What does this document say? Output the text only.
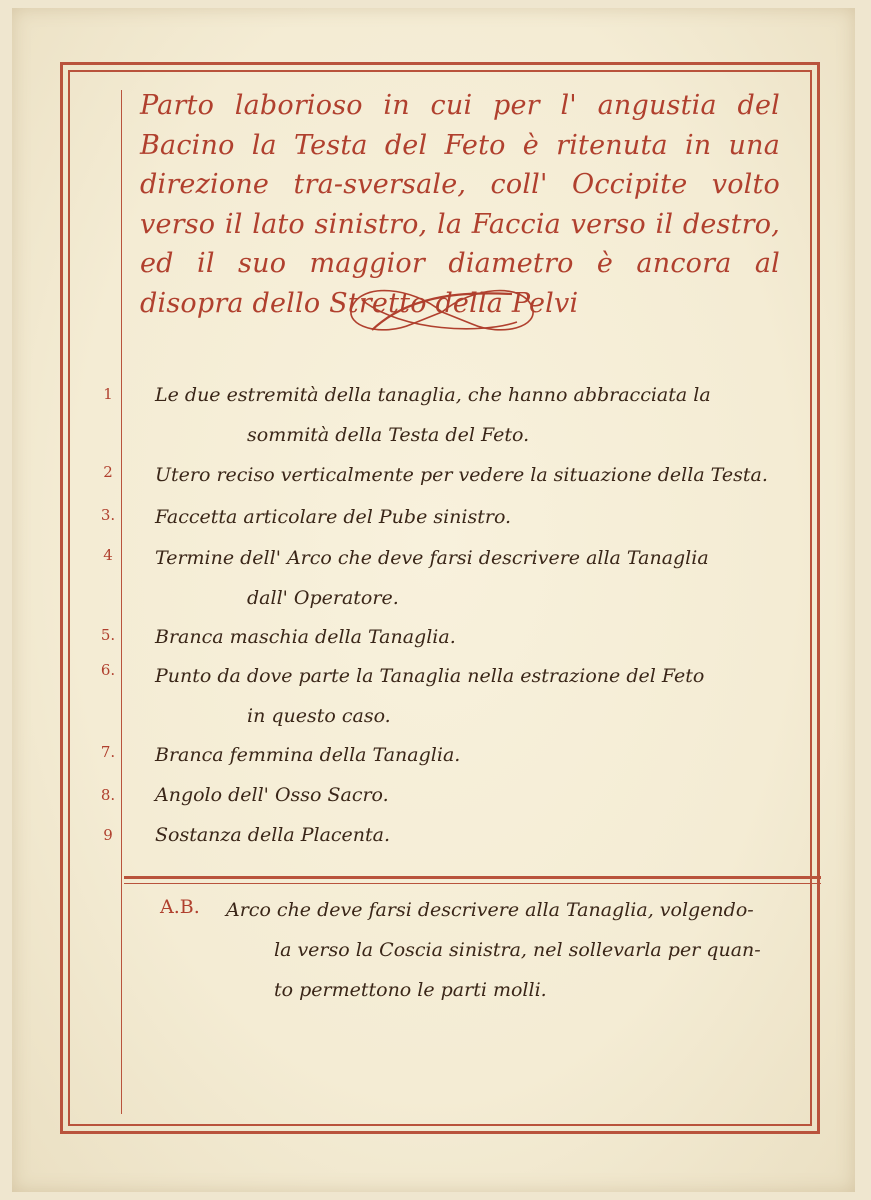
Parto laborioso in cui per l' angustia del Bacino la Testa del Feto è ritenuta in una direzione tra-sversale, coll' Occipite volto verso il lato sinistro, la Faccia verso il destro, ed il suo maggior diametro è ancora al disopra dello Stretto della Pelvi

1	Le due estremità della tanaglia, che hanno abbracciata la
sommità della Testa del Feto.
2	Utero reciso verticalmente per vedere la situazione della Testa.
3. Faccetta articolare del Pube sinistro.
4	Termine dell' Arco che deve farsi descrivere alla Tanaglia
dall' Operatore.
5. Branca maschia della Tanaglia.
6. Punto da dove parte la Tanaglia nella estrazione del Feto
in questo caso.
7. Branca femmina della Tanaglia.
8. Angolo dell' Osso Sacro.
9	Sostanza della Placenta.
A.B. Arco che deve farsi descrivere alla Tanaglia, volgendo-
la verso la Coscia sinistra, nel sollevarla per quan-
to permettono le parti molli.
